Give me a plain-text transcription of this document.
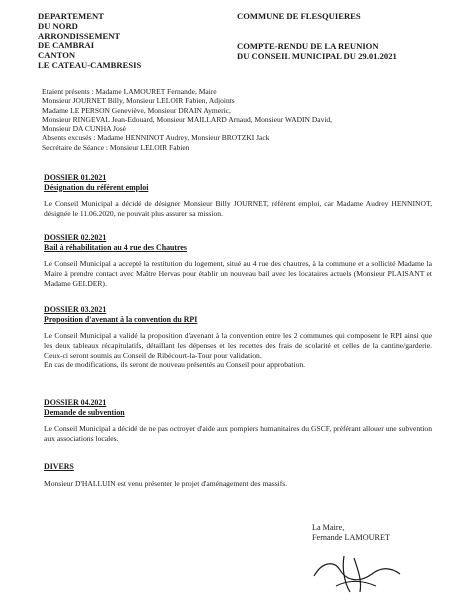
DEPARTEMENT
DU NORD
ARRONDISSEMENT
DE CAMBRAI
CANTON
LE CATEAU-CAMBRESIS
COMMUNE DE FLESQUIERES
COMPTE-RENDU DE LA REUNION
DU CONSEIL MUNICIPAL DU 29.01.2021
Etaient présents : Madame LAMOURET Fernande, Maire
Monsieur JOURNET Billy, Monsieur LELOIR Fabien, Adjoints
Madame LE PERSON Geneviève, Monsieur DRAIN Aymeric,
Monsieur RINGEVAL Jean-Edouard, Monsieur MAILLARD Arnaud, Monsieur WADIN David,
Monsieur DA CUNHA José
Absents excusés : Madame HENNINOT Audrey, Monsieur BROTZKI Jack
Secrétaire de Séance : Monsieur LELOIR Fabien
DOSSIER 01.2021
Désignation du référent emploi
Le Conseil Municipal a décidé de désigner Monsieur Billy JOURNET, référent emploi, car Madame Audrey HENNINOT, désignée le 11.06.2020, ne pouvait plus assurer sa mission.
DOSSIER 02.2021
Bail à réhabilitation au 4 rue des Chautres
Le Conseil Municipal a accepté la restitution du logement, situé au 4 rue des chautres, à la commune et a sollicité Madame la Maire à prendre contact avec Maître Hervas pour établir un nouveau bail avec les locataires actuels (Monsieur PLAISANT et Madame GELDER).
DOSSIER 03.2021
Proposition d'avenant à la convention du RPI
Le Conseil Municipal a validé la proposition d'avenant à la convention entre les 2 communes qui composent le RPI ainsi que les deux tableaux récapitulatifs, détaillant les dépenses et les recettes des frais de scolarité et celles de la cantine/garderie. Ceux-ci seront soumis au Conseil de Ribécourt-la-Tour pour validation.
En cas de modifications, ils seront de nouveau présentés au Conseil pour approbation.
DOSSIER 04.2021
Demande de subvention
Le Conseil Municipal a décidé de ne pas octroyer d'aide aux pompiers humanitaires du GSCF, préférant allouer une subvention aux associations locales.
DIVERS
Monsieur D'HALLUIN est venu présenter le projet d'aménagement des massifs.
La Maire,
Fernande LAMOURET
